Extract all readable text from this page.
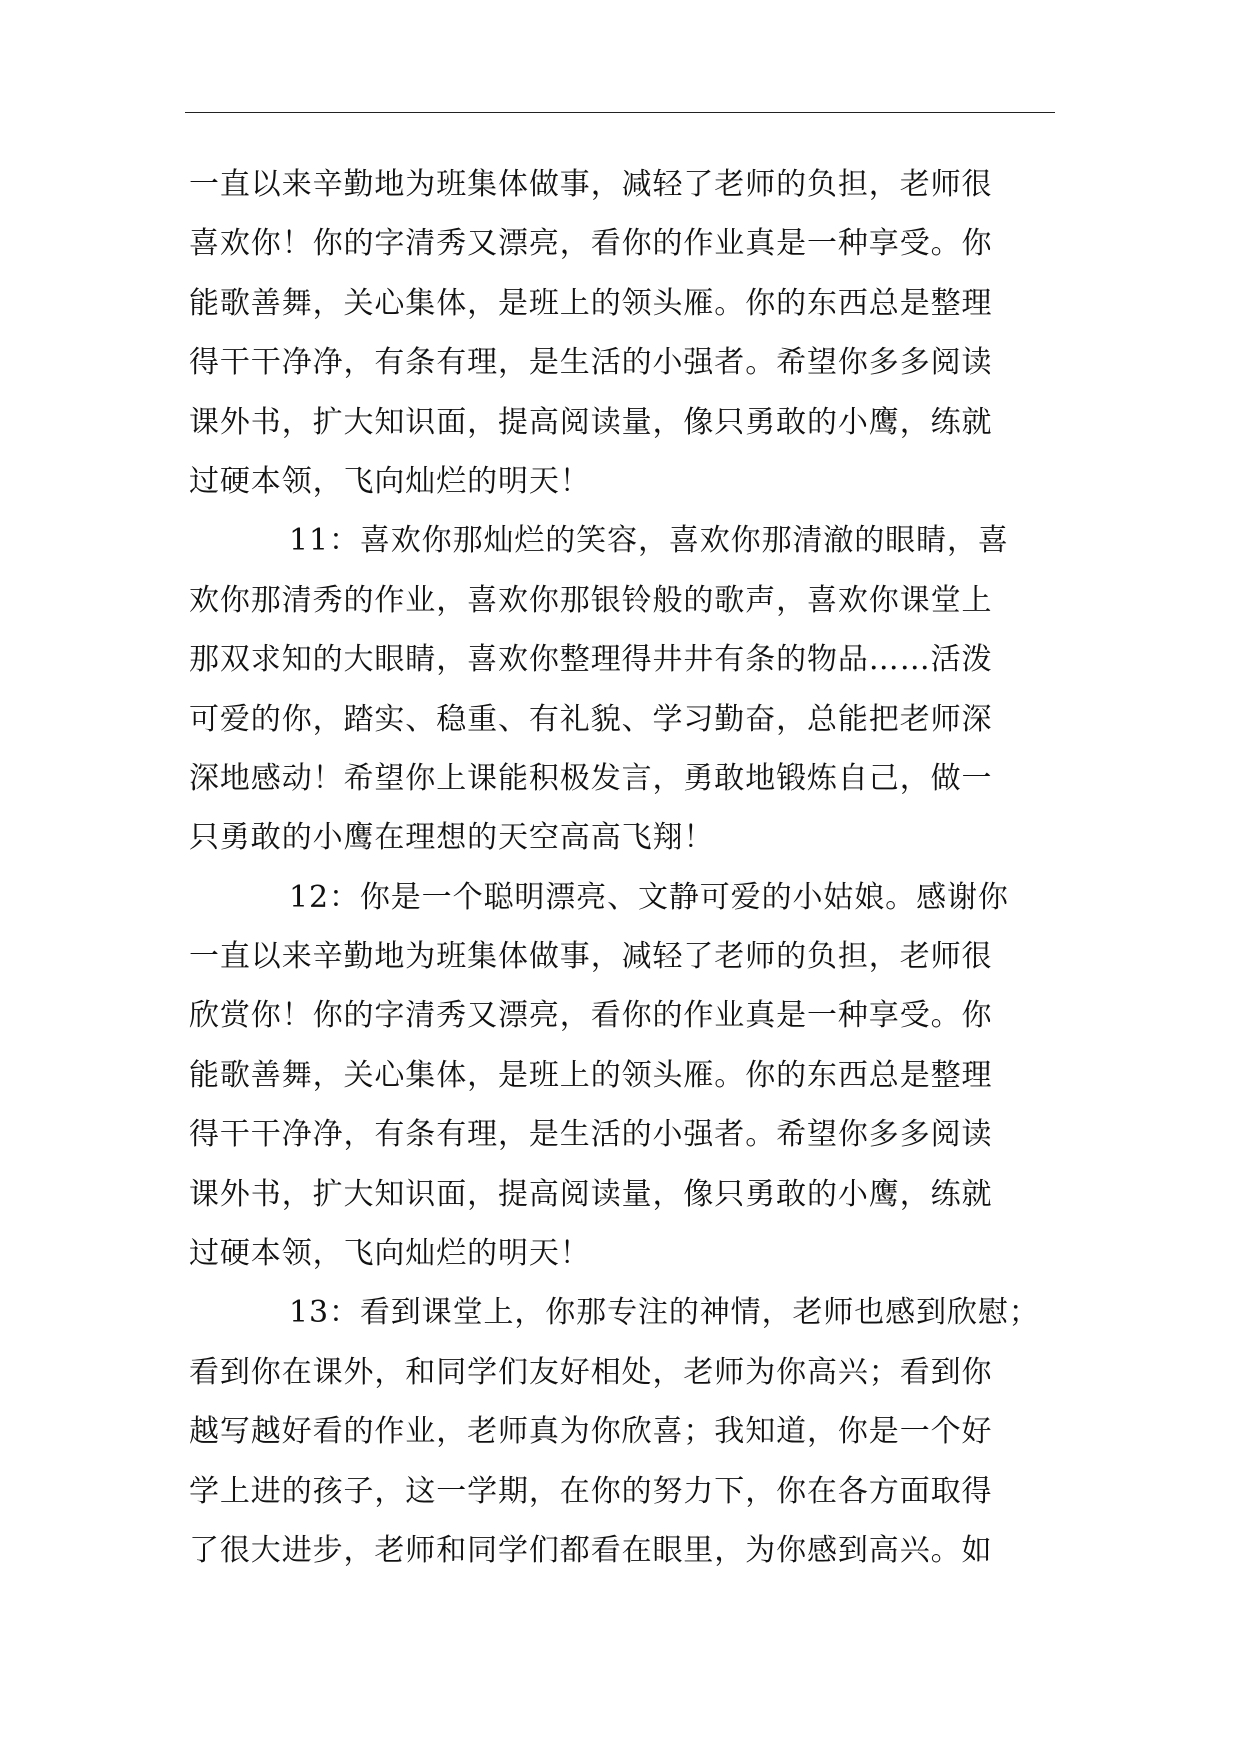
一直以来辛勤地为班集体做事，减轻了老师的负担，老师很
喜欢你！你的字清秀又漂亮，看你的作业真是一种享受。你
能歌善舞，关心集体，是班上的领头雁。你的东西总是整理
得干干净净，有条有理，是生活的小强者。希望你多多阅读
课外书，扩大知识面，提高阅读量，像只勇敢的小鹰，练就
过硬本领，飞向灿烂的明天！
11：喜欢你那灿烂的笑容，喜欢你那清澈的眼睛，喜
欢你那清秀的作业，喜欢你那银铃般的歌声，喜欢你课堂上
那双求知的大眼睛，喜欢你整理得井井有条的物品……活泼
可爱的你，踏实、稳重、有礼貌、学习勤奋，总能把老师深
深地感动！希望你上课能积极发言，勇敢地锻炼自己，做一
只勇敢的小鹰在理想的天空高高飞翔！
12：你是一个聪明漂亮、文静可爱的小姑娘。感谢你
一直以来辛勤地为班集体做事，减轻了老师的负担，老师很
欣赏你！你的字清秀又漂亮，看你的作业真是一种享受。你
能歌善舞，关心集体，是班上的领头雁。你的东西总是整理
得干干净净，有条有理，是生活的小强者。希望你多多阅读
课外书，扩大知识面，提高阅读量，像只勇敢的小鹰，练就
过硬本领，飞向灿烂的明天！
13：看到课堂上，你那专注的神情，老师也感到欣慰；
看到你在课外，和同学们友好相处，老师为你高兴；看到你
越写越好看的作业，老师真为你欣喜；我知道，你是一个好
学上进的孩子，这一学期，在你的努力下，你在各方面取得
了很大进步，老师和同学们都看在眼里，为你感到高兴。如
